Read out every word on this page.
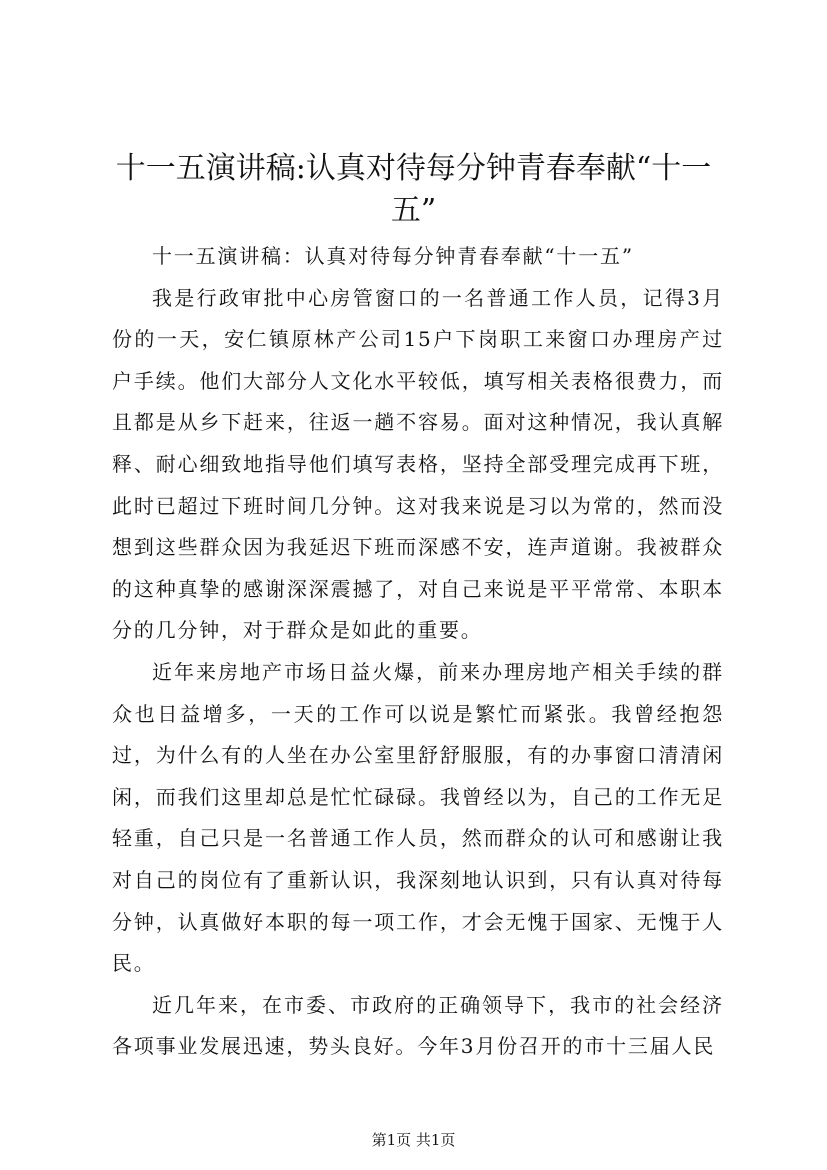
十一五演讲稿:认真对待每分钟青春奉献“十一五”

十一五演讲稿：认真对待每分钟青春奉献“十一五”

我是行政审批中心房管窗口的一名普通工作人员，记得3月份的一天，安仁镇原林产公司15户下岗职工来窗口办理房产过户手续。他们大部分人文化水平较低，填写相关表格很费力，而且都是从乡下赶来，往返一趟不容易。面对这种情况，我认真解释、耐心细致地指导他们填写表格，坚持全部受理完成再下班，此时已超过下班时间几分钟。这对我来说是习以为常的，然而没想到这些群众因为我延迟下班而深感不安，连声道谢。我被群众的这种真挚的感谢深深震撼了，对自己来说是平平常常、本职本分的几分钟，对于群众是如此的重要。

近年来房地产市场日益火爆，前来办理房地产相关手续的群众也日益增多，一天的工作可以说是繁忙而紧张。我曾经抱怨过，为什么有的人坐在办公室里舒舒服服，有的办事窗口清清闲闲，而我们这里却总是忙忙碌碌。我曾经以为，自己的工作无足轻重，自己只是一名普通工作人员，然而群众的认可和感谢让我对自己的岗位有了重新认识，我深刻地认识到，只有认真对待每分钟，认真做好本职的每一项工作，才会无愧于国家、无愧于人民。

近几年来，在市委、市政府的正确领导下，我市的社会经济各项事业发展迅速，势头良好。今年3月份召开的市十三届人民

第1页 共1页
